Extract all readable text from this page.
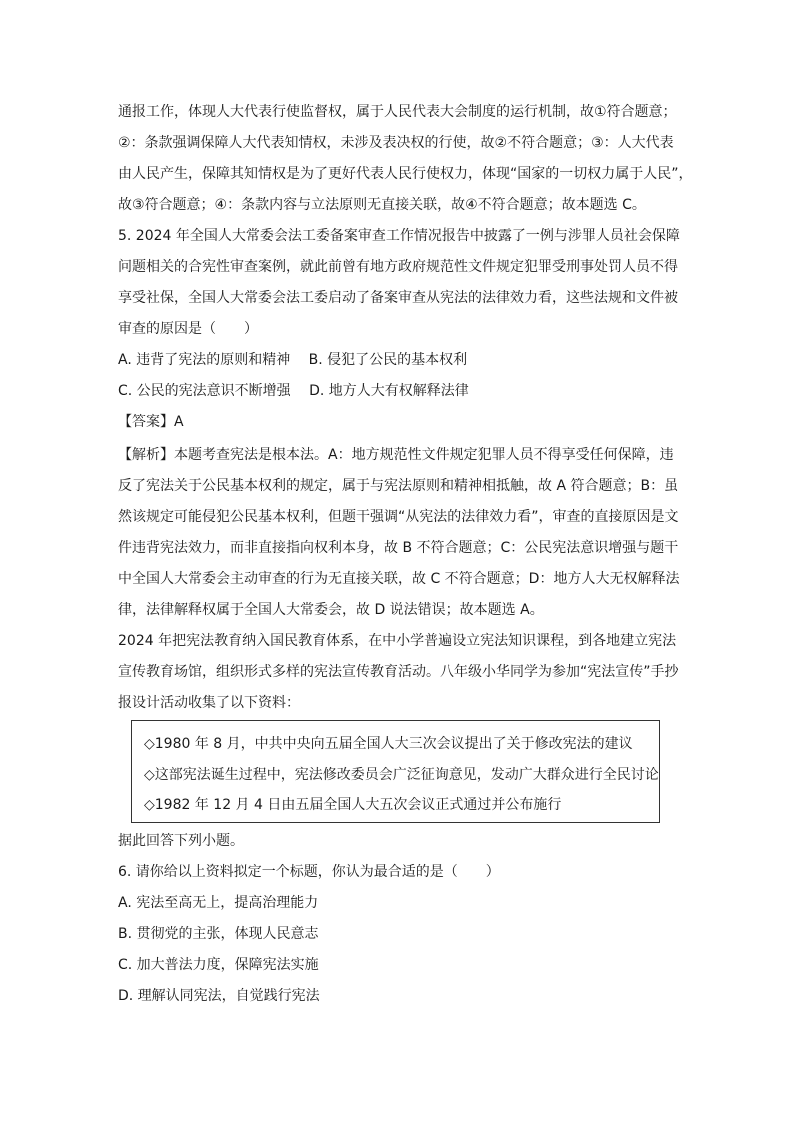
通报工作，体现人大代表行使监督权，属于人民代表大会制度的运行机制，故①符合题意；
②：条款强调保障人大代表知情权，未涉及表决权的行使，故②不符合题意；③：人大代表
由人民产生，保障其知情权是为了更好代表人民行使权力，体现“国家的一切权力属于人民”，
故③符合题意；④：条款内容与立法原则无直接关联，故④不符合题意；故本题选 C。
5. 2024 年全国人大常委会法工委备案审查工作情况报告中披露了一例与涉罪人员社会保障
问题相关的合宪性审查案例，就此前曾有地方政府规范性文件规定犯罪受刑事处罚人员不得
享受社保，全国人大常委会法工委启动了备案审查从宪法的法律效力看，这些法规和文件被
审查的原因是（　　）
A. 违背了宪法的原则和精神　 B. 侵犯了公民的基本权利
C. 公民的宪法意识不断增强　 D. 地方人大有权解释法律
【答案】A
【解析】本题考查宪法是根本法。A：地方规范性文件规定犯罪人员不得享受任何保障，违
反了宪法关于公民基本权利的规定，属于与宪法原则和精神相抵触，故 A 符合题意；B：虽
然该规定可能侵犯公民基本权利，但题干强调“从宪法的法律效力看”，审查的直接原因是文
件违背宪法效力，而非直接指向权利本身，故 B 不符合题意；C：公民宪法意识增强与题干
中全国人大常委会主动审查的行为无直接关联，故 C 不符合题意；D：地方人大无权解释法
律，法律解释权属于全国人大常委会，故 D 说法错误；故本题选 A。
2024 年把宪法教育纳入国民教育体系，在中小学普遍设立宪法知识课程，到各地建立宪法
宣传教育场馆，组织形式多样的宪法宣传教育活动。八年级小华同学为参加“宪法宣传”手抄
报设计活动收集了以下资料：
◇1980 年 8 月，中共中央向五届全国人大三次会议提出了关于修改宪法的建议
◇这部宪法诞生过程中，宪法修改委员会广泛征询意见，发动广大群众进行全民讨论
◇1982 年 12 月 4 日由五届全国人大五次会议正式通过并公布施行
据此回答下列小题。
6. 请你给以上资料拟定一个标题，你认为最合适的是（　　）
A. 宪法至高无上，提高治理能力
B. 贯彻党的主张，体现人民意志
C. 加大普法力度，保障宪法实施
D. 理解认同宪法，自觉践行宪法
